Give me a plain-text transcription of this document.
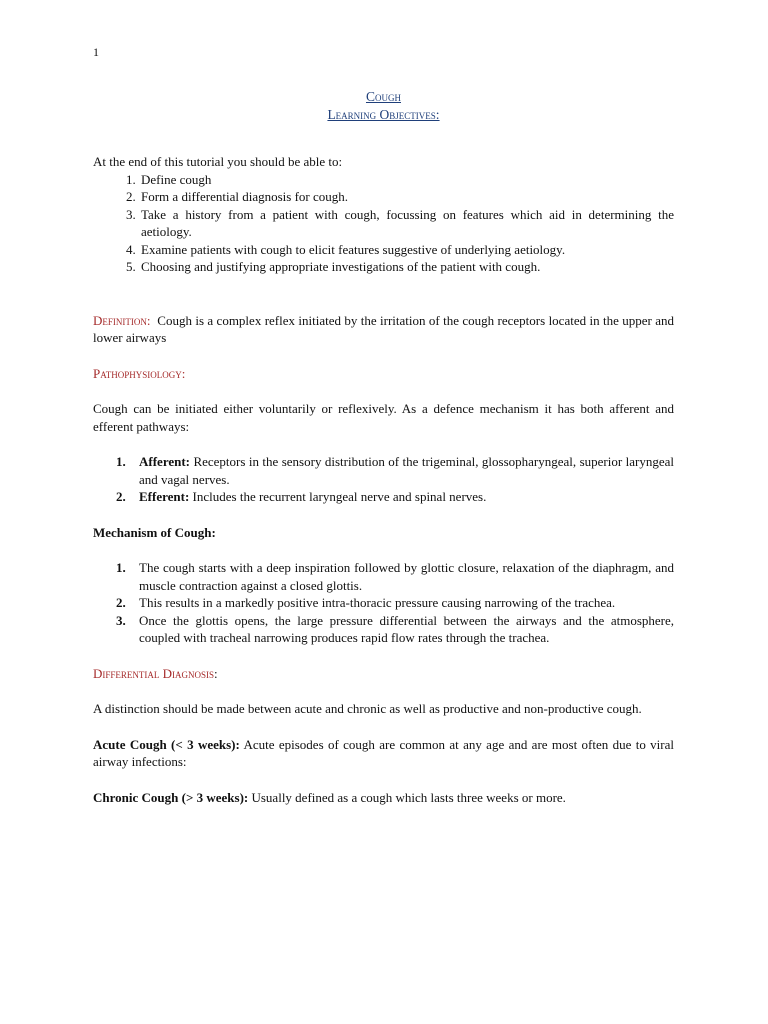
1
Cough
Learning Objectives:
At the end of this tutorial you should be able to:
1. Define cough
2. Form a differential diagnosis for cough.
3. Take a history from a patient with cough, focussing on features which aid in determining the aetiology.
4. Examine patients with cough to elicit features suggestive of underlying aetiology.
5. Choosing and justifying appropriate investigations of the patient with cough.
Definition: Cough is a complex reflex initiated by the irritation of the cough receptors located in the upper and lower airways
Pathophysiology:
Cough can be initiated either voluntarily or reflexively. As a defence mechanism it has both afferent and efferent pathways:
Afferent: Receptors in the sensory distribution of the trigeminal, glossopharyngeal, superior laryngeal and vagal nerves.
Efferent: Includes the recurrent laryngeal nerve and spinal nerves.
Mechanism of Cough:
The cough starts with a deep inspiration followed by glottic closure, relaxation of the diaphragm, and muscle contraction against a closed glottis.
This results in a markedly positive intra-thoracic pressure causing narrowing of the trachea.
Once the glottis opens, the large pressure differential between the airways and the atmosphere, coupled with tracheal narrowing produces rapid flow rates through the trachea.
Differential Diagnosis:
A distinction should be made between acute and chronic as well as productive and non-productive cough.
Acute Cough (< 3 weeks): Acute episodes of cough are common at any age and are most often due to viral airway infections:
Chronic Cough (> 3 weeks): Usually defined as a cough which lasts three weeks or more.
